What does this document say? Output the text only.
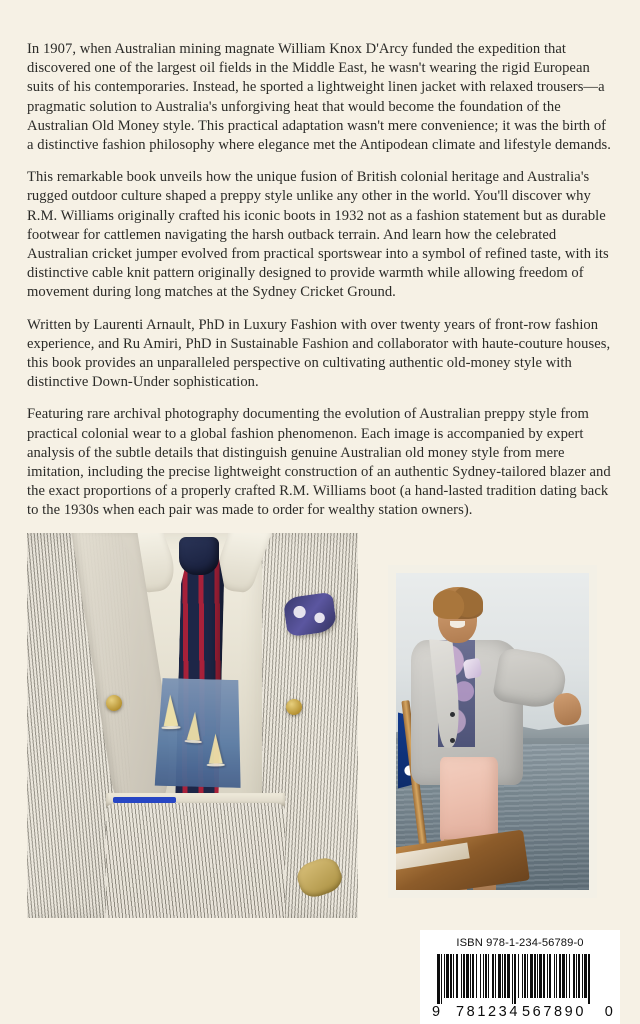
In 1907, when Australian mining magnate William Knox D'Arcy funded the expedition that discovered one of the largest oil fields in the Middle East, he wasn't wearing the rigid European suits of his contemporaries. Instead, he sported a lightweight linen jacket with relaxed trousers—a pragmatic solution to Australia's unforgiving heat that would become the foundation of the Australian Old Money style. This practical adaptation wasn't mere convenience; it was the birth of a distinctive fashion philosophy where elegance met the Antipodean climate and lifestyle demands.

This remarkable book unveils how the unique fusion of British colonial heritage and Australia's rugged outdoor culture shaped a preppy style unlike any other in the world. You'll discover why R.M. Williams originally crafted his iconic boots in 1932 not as a fashion statement but as durable footwear for cattlemen navigating the harsh outback terrain. And learn how the celebrated Australian cricket jumper evolved from practical sportswear into a symbol of refined taste, with its distinctive cable knit pattern originally designed to provide warmth while allowing freedom of movement during long matches at the Sydney Cricket Ground.

Written by Laurenti Arnault, PhD in Luxury Fashion with over twenty years of front-row fashion experience, and Ru Amiri, PhD in Sustainable Fashion and collaborator with haute-couture houses, this book provides an unparalleled perspective on cultivating authentic old-money style with distinctive Down-Under sophistication.

Featuring rare archival photography documenting the evolution of Australian preppy style from practical colonial wear to a global fashion phenomenon. Each image is accompanied by expert analysis of the subtle details that distinguish genuine Australian old money style from mere imitation, including the precise lightweight construction of an authentic Sydney-tailored blazer and the exact proportions of a properly crafted R.M. Williams boot (a hand-lasted tradition dating back to the 1930s when each pair was made to order for wealthy station owners).

ISBN 978-1-234-56789-0
9 781234 567890 0
